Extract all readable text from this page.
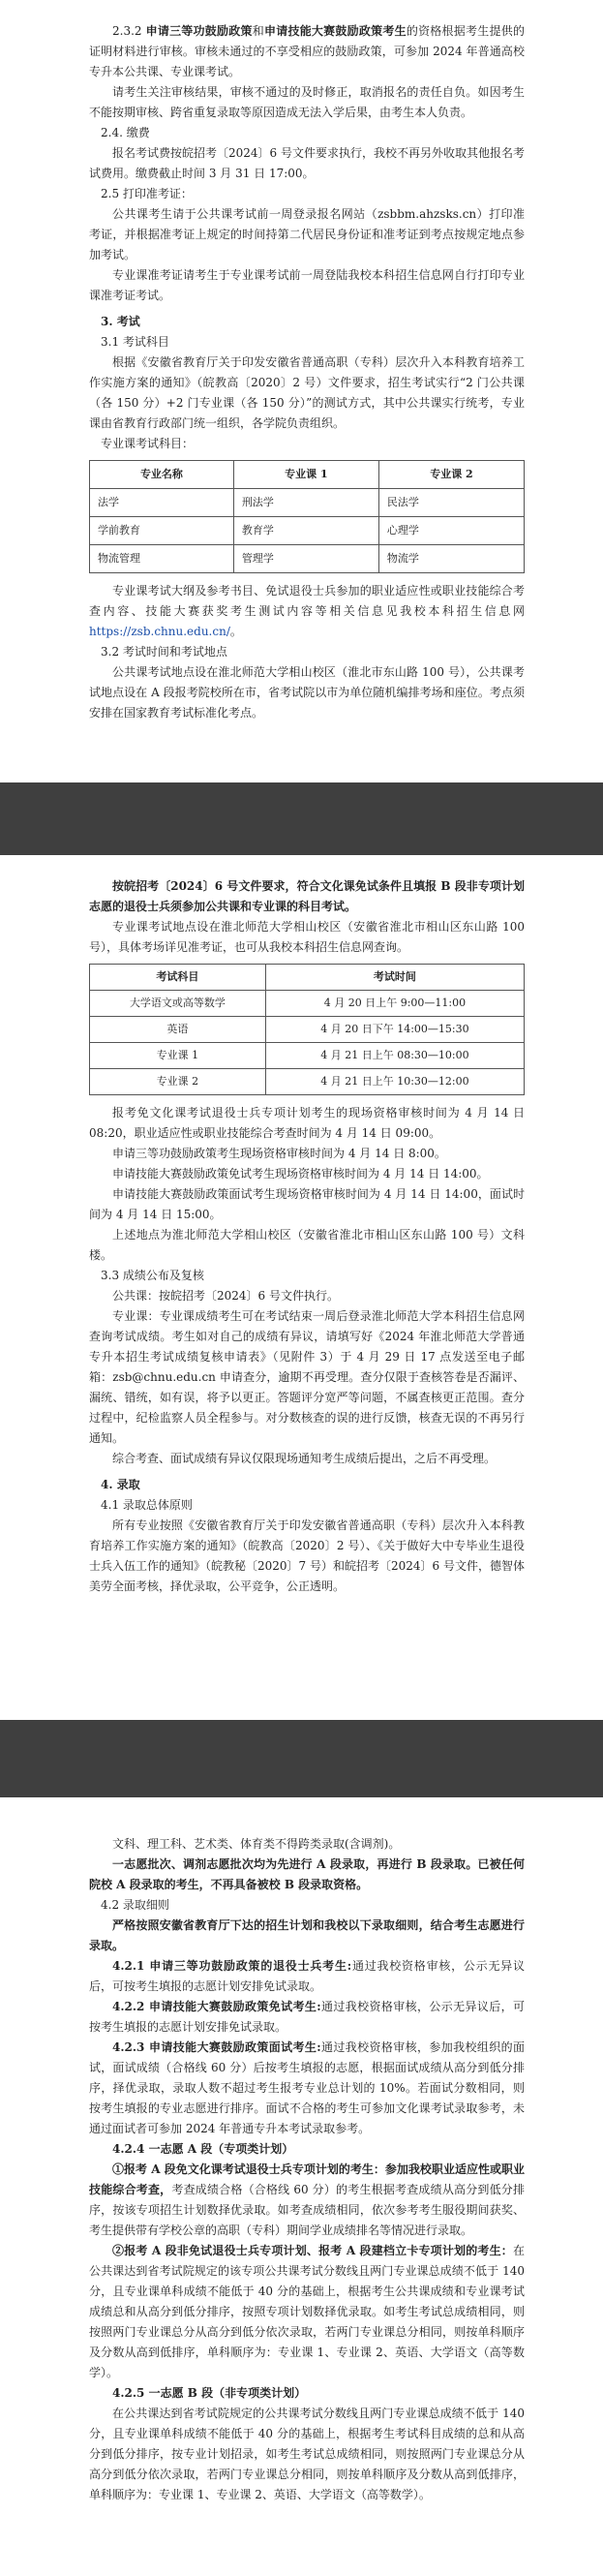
2.3.2 申请三等功鼓励政策和申请技能大赛鼓励政策考生的资格根据考生提供的证明材料进行审核。审核未通过的不享受相应的鼓励政策，可参加 2024 年普通高校专升本公共课、专业课考试。

请考生关注审核结果，审核不通过的及时修正，取消报名的责任自负。如因考生不能按期审核、跨省重复录取等原因造成无法入学后果，由考生本人负责。

2.4. 缴费

报名考试费按皖招考〔2024〕6 号文件要求执行，我校不再另外收取其他报名考试费用。缴费截止时间 3 月 31 日 17:00。

2.5 打印准考证：

公共课考生请于公共课考试前一周登录报名网站（zsbbm.ahzsks.cn）打印准考证，并根据准考证上规定的时间持第二代居民身份证和准考证到考点按规定地点参加考试。

专业课准考证请考生于专业课考试前一周登陆我校本科招生信息网自行打印专业课准考证考试。

3. 考试

3.1 考试科目

根据《安徽省教育厅关于印发安徽省普通高职（专科）层次升入本科教育培养工作实施方案的通知》（皖教高〔2020〕2 号）文件要求，招生考试实行“2 门公共课（各 150 分）+2 门专业课（各 150 分）”的测试方式，其中公共课实行统考，专业课由省教育行政部门统一组织，各学院负责组织。

专业课考试科目：

专业名称	专业课 1	专业课 2
法学	刑法学	民法学
学前教育	教育学	心理学
物流管理	管理学	物流学

专业课考试大纲及参考书目、免试退役士兵参加的职业适应性或职业技能综合考查内容、技能大赛获奖考生测试内容等相关信息见我校本科招生信息网 https://zsb.chnu.edu.cn/。

3.2 考试时间和考试地点

公共课考试地点设在淮北师范大学相山校区（淮北市东山路 100 号），公共课考试地点设在 A 段报考院校所在市，省考试院以市为单位随机编排考场和座位。考点须安排在国家教育考试标准化考点。

按皖招考〔2024〕6 号文件要求，符合文化课免试条件且填报 B 段非专项计划志愿的退役士兵须参加公共课和专业课的科目考试。

专业课考试地点设在淮北师范大学相山校区（安徽省淮北市相山区东山路 100 号），具体考场详见准考证，也可从我校本科招生信息网查询。

考试科目	考试时间
大学语文或高等数学	4 月 20 日上午 9:00—11:00
英语	4 月 20 日下午 14:00—15:30
专业课 1	4 月 21 日上午 08:30—10:00
专业课 2	4 月 21 日上午 10:30—12:00

报考免文化课考试退役士兵专项计划考生的现场资格审核时间为 4 月 14 日 08:20，职业适应性或职业技能综合考查时间为 4 月 14 日 09:00。

申请三等功鼓励政策考生现场资格审核时间为 4 月 14 日 8:00。

申请技能大赛鼓励政策免试考生现场资格审核时间为 4 月 14 日 14:00。

申请技能大赛鼓励政策面试考生现场资格审核时间为 4 月 14 日 14:00，面试时间为 4 月 14 日 15:00。

上述地点为淮北师范大学相山校区（安徽省淮北市相山区东山路 100 号）文科楼。

3.3 成绩公布及复核

公共课：按皖招考〔2024〕6 号文件执行。

专业课：专业课成绩考生可在考试结束一周后登录淮北师范大学本科招生信息网查询考试成绩。考生如对自己的成绩有异议，请填写好《2024 年淮北师范大学普通专升本招生考试成绩复核申请表》（见附件 3）于 4 月 29 日 17 点发送至电子邮箱：zsb@chnu.edu.cn 申请查分，逾期不再受理。查分仅限于查核答卷是否漏评、漏统、错统，如有误，将予以更正。答题评分宽严等问题，不属查核更正范围。查分过程中，纪检监察人员全程参与。对分数核查的误的进行反馈，核查无误的不再另行通知。

综合考查、面试成绩有异议仅限现场通知考生成绩后提出，之后不再受理。

4. 录取

4.1 录取总体原则

所有专业按照《安徽省教育厅关于印发安徽省普通高职（专科）层次升入本科教育培养工作实施方案的通知》（皖教高〔2020〕2 号）、《关于做好大中专毕业生退役士兵入伍工作的通知》（皖教秘〔2020〕7 号）和皖招考〔2024〕6 号文件，德智体美劳全面考核，择优录取，公平竞争，公正透明。

文科、理工科、艺术类、体育类不得跨类录取(含调剂)。

一志愿批次、调剂志愿批次均为先进行 A 段录取，再进行 B 段录取。已被任何院校 A 段录取的考生，不再具备被校 B 段录取资格。

4.2 录取细则

严格按照安徽省教育厅下达的招生计划和我校以下录取细则，结合考生志愿进行录取。

4.2.1 申请三等功鼓励政策的退役士兵考生:通过我校资格审核，公示无异议后，可按考生填报的志愿计划安排免试录取。

4.2.2 申请技能大赛鼓励政策免试考生:通过我校资格审核，公示无异议后，可按考生填报的志愿计划安排免试录取。

4.2.3 申请技能大赛鼓励政策面试考生:通过我校资格审核，参加我校组织的面试，面试成绩（合格线 60 分）后按考生填报的志愿，根据面试成绩从高分到低分排序，择优录取，录取人数不超过考生报考专业总计划的 10%。若面试分数相同，则按考生填报的专业志愿进行排序。面试不合格的考生可参加文化课考试录取参考，未通过面试者可参加 2024 年普通专升本考试录取参考。

4.2.4 一志愿 A 段（专项类计划）

①报考 A 段免文化课考试退役士兵专项计划的考生：参加我校职业适应性或职业技能综合考查，考查成绩合格（合格线 60 分）的考生根据考查成绩从高分到低分排序，按该专项招生计划数择优录取。如考查成绩相同，依次参考考生服役期间获奖、考生提供带有学校公章的高职（专科）期间学业成绩排名等情况进行录取。

②报考 A 段非免试退役士兵专项计划、报考 A 段建档立卡专项计划的考生：在公共课达到省考试院规定的该专项公共课考试分数线且两门专业课总成绩不低于 140 分，且专业课单科成绩不能低于 40 分的基础上，根据考生公共课成绩和专业课考试成绩总和从高分到低分排序，按照专项计划数择优录取。如考生考试总成绩相同，则按照两门专业课总分从高分到低分依次录取，若两门专业课总分相同，则按单科顺序及分数从高到低排序，单科顺序为：专业课 1、专业课 2、英语、大学语文（高等数学）。

4.2.5 一志愿 B 段（非专项类计划）

在公共课达到省考试院规定的公共课考试分数线且两门专业课总成绩不低于 140 分，且专业课单科成绩不能低于 40 分的基础上，根据考生考试科目成绩的总和从高分到低分排序，按专业计划招录，如考生考试总成绩相同，则按照两门专业课总分从高分到低分依次录取，若两门专业课总分相同，则按单科顺序及分数从高到低排序，单科顺序为：专业课 1、专业课 2、英语、大学语文（高等数学）。
